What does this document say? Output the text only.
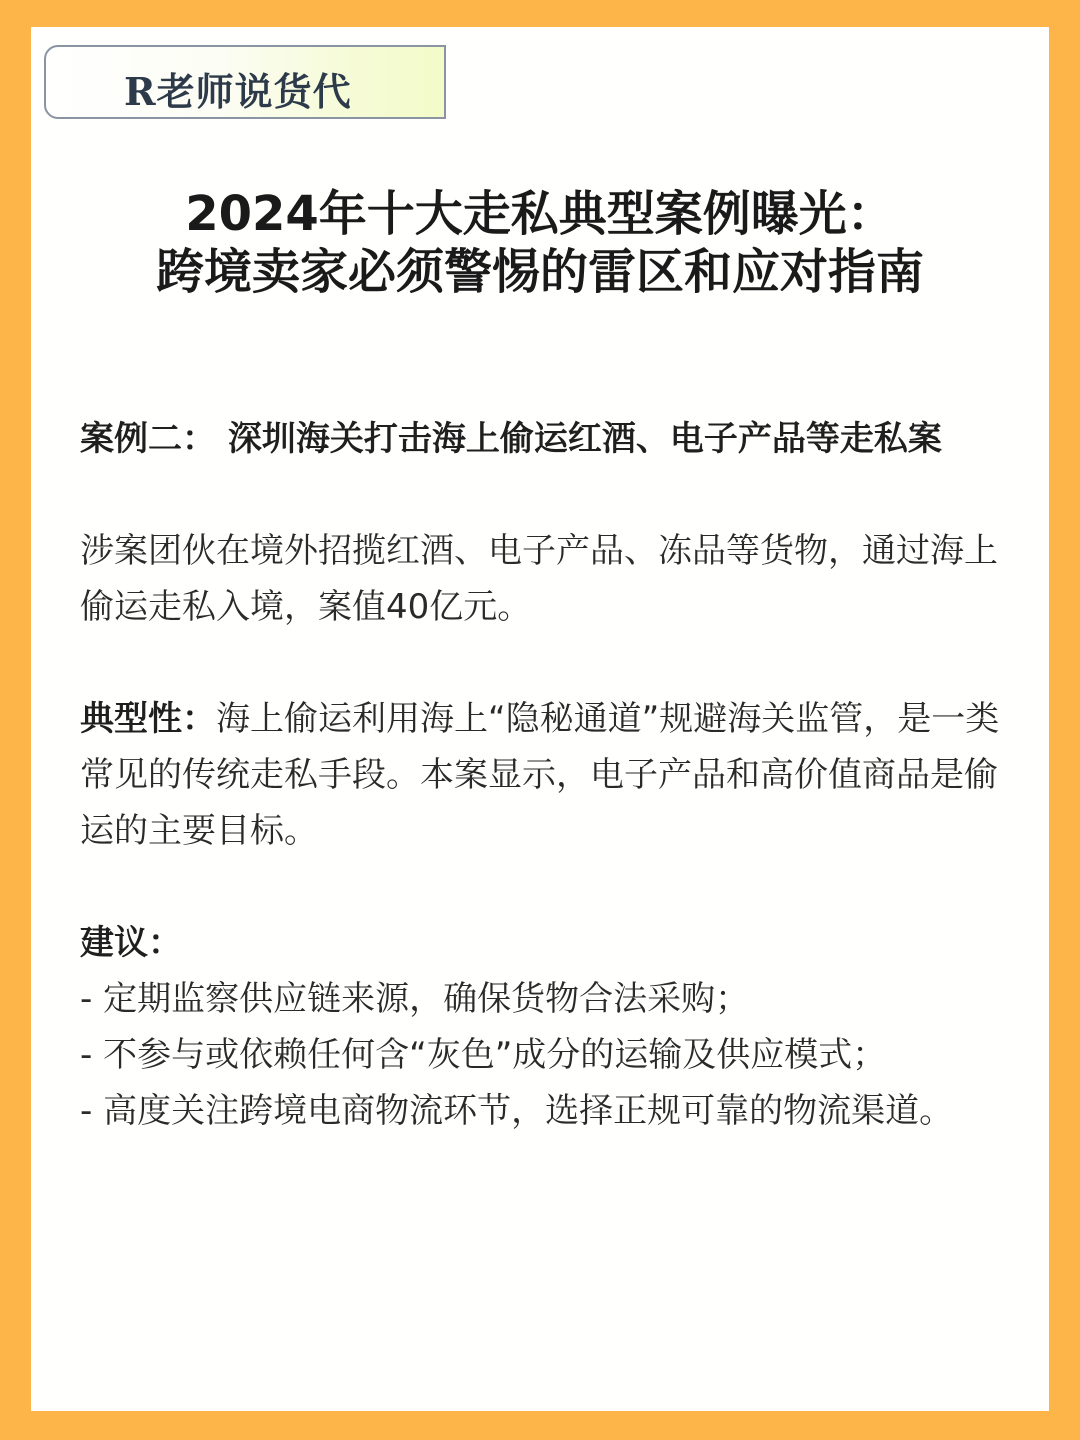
R老师说货代
2024年十大走私典型案例曝光：
跨境卖家必须警惕的雷区和应对指南
案例二： 深圳海关打击海上偷运红酒、电子产品等走私案
涉案团伙在境外招揽红酒、电子产品、冻品等货物，通过海上偷运走私入境，案值40亿元。
典型性：海上偷运利用海上“隐秘通道”规避海关监管，是一类常见的传统走私手段。本案显示，电子产品和高价值商品是偷运的主要目标。
建议：
- 定期监察供应链来源，确保货物合法采购；
- 不参与或依赖任何含“灰色”成分的运输及供应模式；
- 高度关注跨境电商物流环节，选择正规可靠的物流渠道。
